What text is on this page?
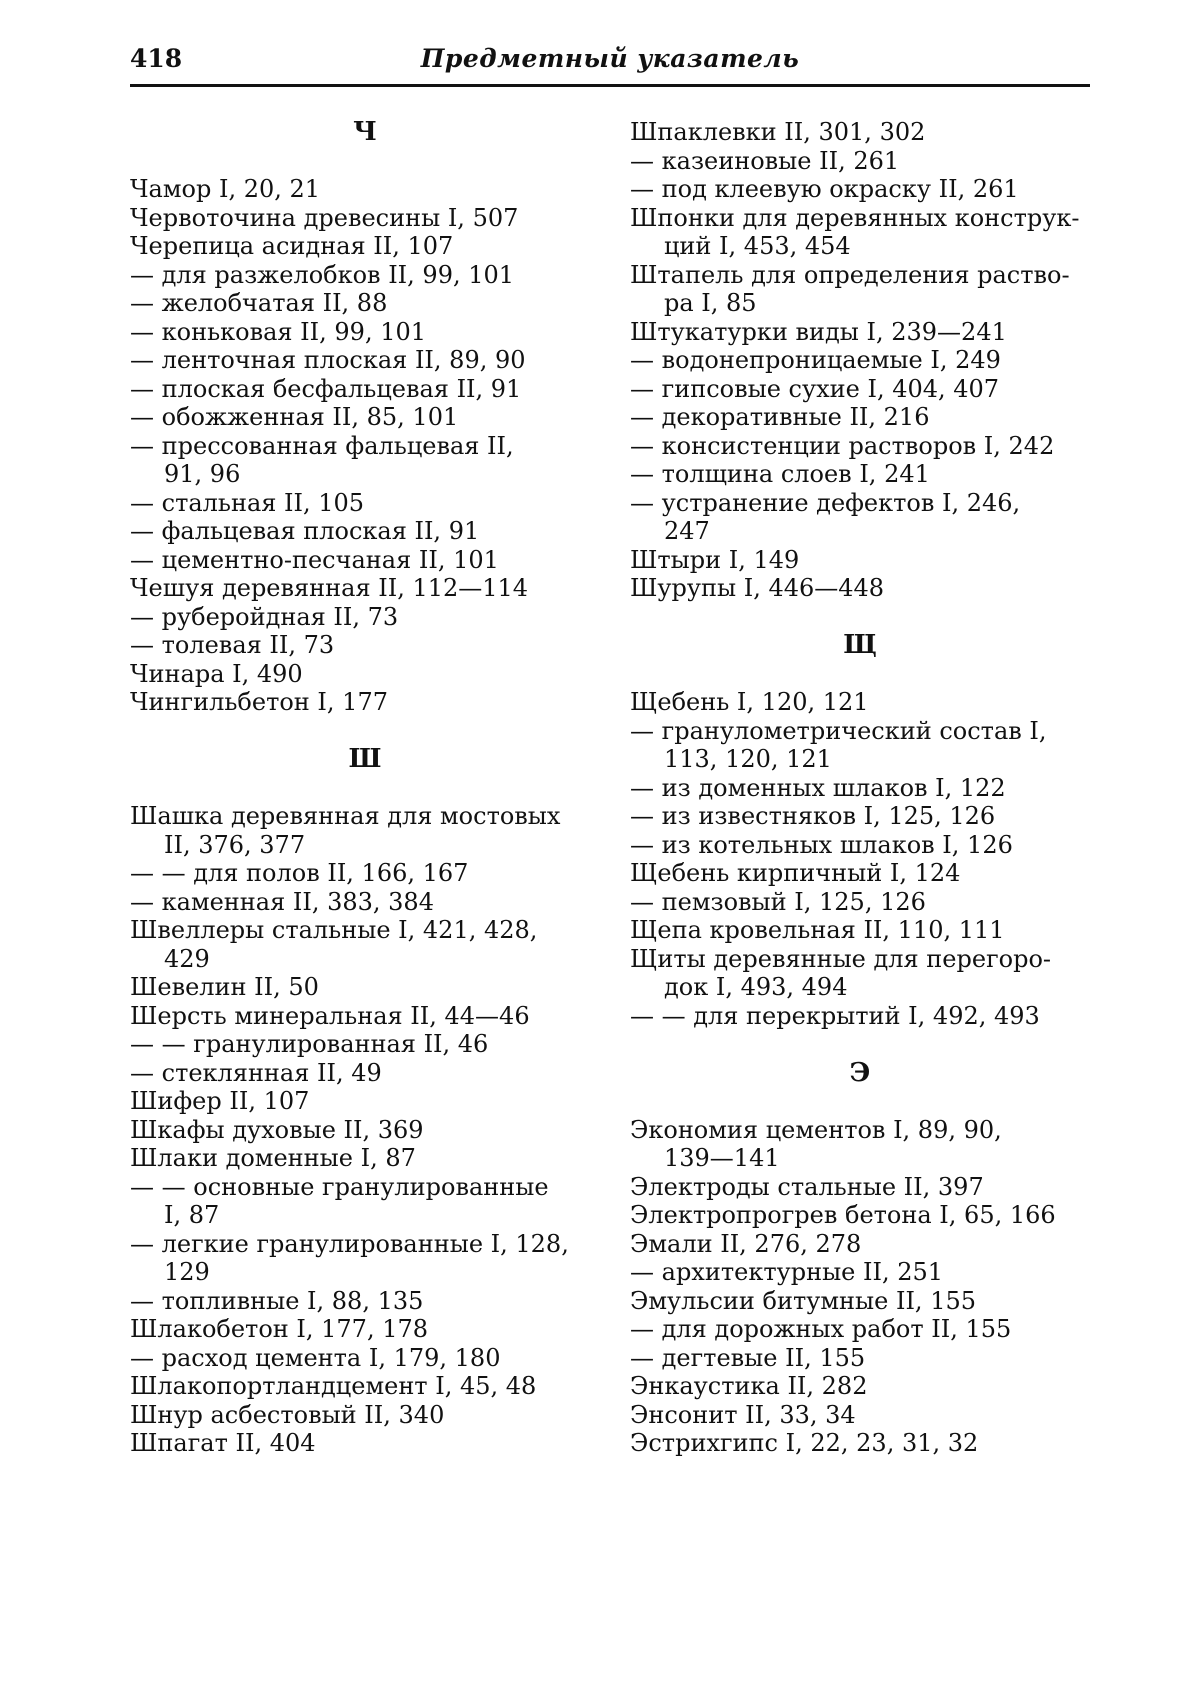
418	Предметный указатель
Ч
Чамор I, 20, 21
Червоточина древесины I, 507
Черепица асидная II, 107
— для разжелобков II, 99, 101
— желобчатая II, 88
— коньковая II, 99, 101
— ленточная плоская II, 89, 90
— плоская бесфальцевая II, 91
— обожженная II, 85, 101
— прессованная фальцевая II,
91, 96
— стальная II, 105
— фальцевая плоская II, 91
— цементно-песчаная II, 101
Чешуя деревянная II, 112—114
— руберойдная II, 73
— толевая II, 73
Чинара I, 490
Чингильбетон I, 177
Ш
Шашка деревянная для мостовых
II, 376, 377
— — для полов II, 166, 167
— каменная II, 383, 384
Швеллеры стальные I, 421, 428,
429
Шевелин II, 50
Шерсть минеральная II, 44—46
— — гранулированная II, 46
— стеклянная II, 49
Шифер II, 107
Шкафы духовые II, 369
Шлаки доменные I, 87
— — основные гранулированные
I, 87
— легкие гранулированные I, 128,
129
— топливные I, 88, 135
Шлакобетон I, 177, 178
— расход цемента I, 179, 180
Шлакопортландцемент I, 45, 48
Шнур асбестовый II, 340
Шпагат II, 404
Шпаклевки II, 301, 302
— казеиновые II, 261
— под клеевую окраску II, 261
Шпонки для деревянных конструк-
ций I, 453, 454
Штапель для определения раство-
ра I, 85
Штукатурки виды I, 239—241
— водонепроницаемые I, 249
— гипсовые сухие I, 404, 407
— декоративные II, 216
— консистенции растворов I, 242
— толщина слоев I, 241
— устранение дефектов I, 246,
247
Штыри I, 149
Шурупы I, 446—448
Щ
Щебень I, 120, 121
— гранулометрический состав I,
113, 120, 121
— из доменных шлаков I, 122
— из известняков I, 125, 126
— из котельных шлаков I, 126
Щебень кирпичный I, 124
— пемзовый I, 125, 126
Щепа кровельная II, 110, 111
Щиты деревянные для перегоро-
док I, 493, 494
— — для перекрытий I, 492, 493
Э
Экономия цементов I, 89, 90,
139—141
Электроды стальные II, 397
Электропрогрев бетона I, 65, 166
Эмали II, 276, 278
— архитектурные II, 251
Эмульсии битумные II, 155
— для дорожных работ II, 155
— дегтевые II, 155
Энкаустика II, 282
Энсонит II, 33, 34
Эстрихгипс I, 22, 23, 31, 32
